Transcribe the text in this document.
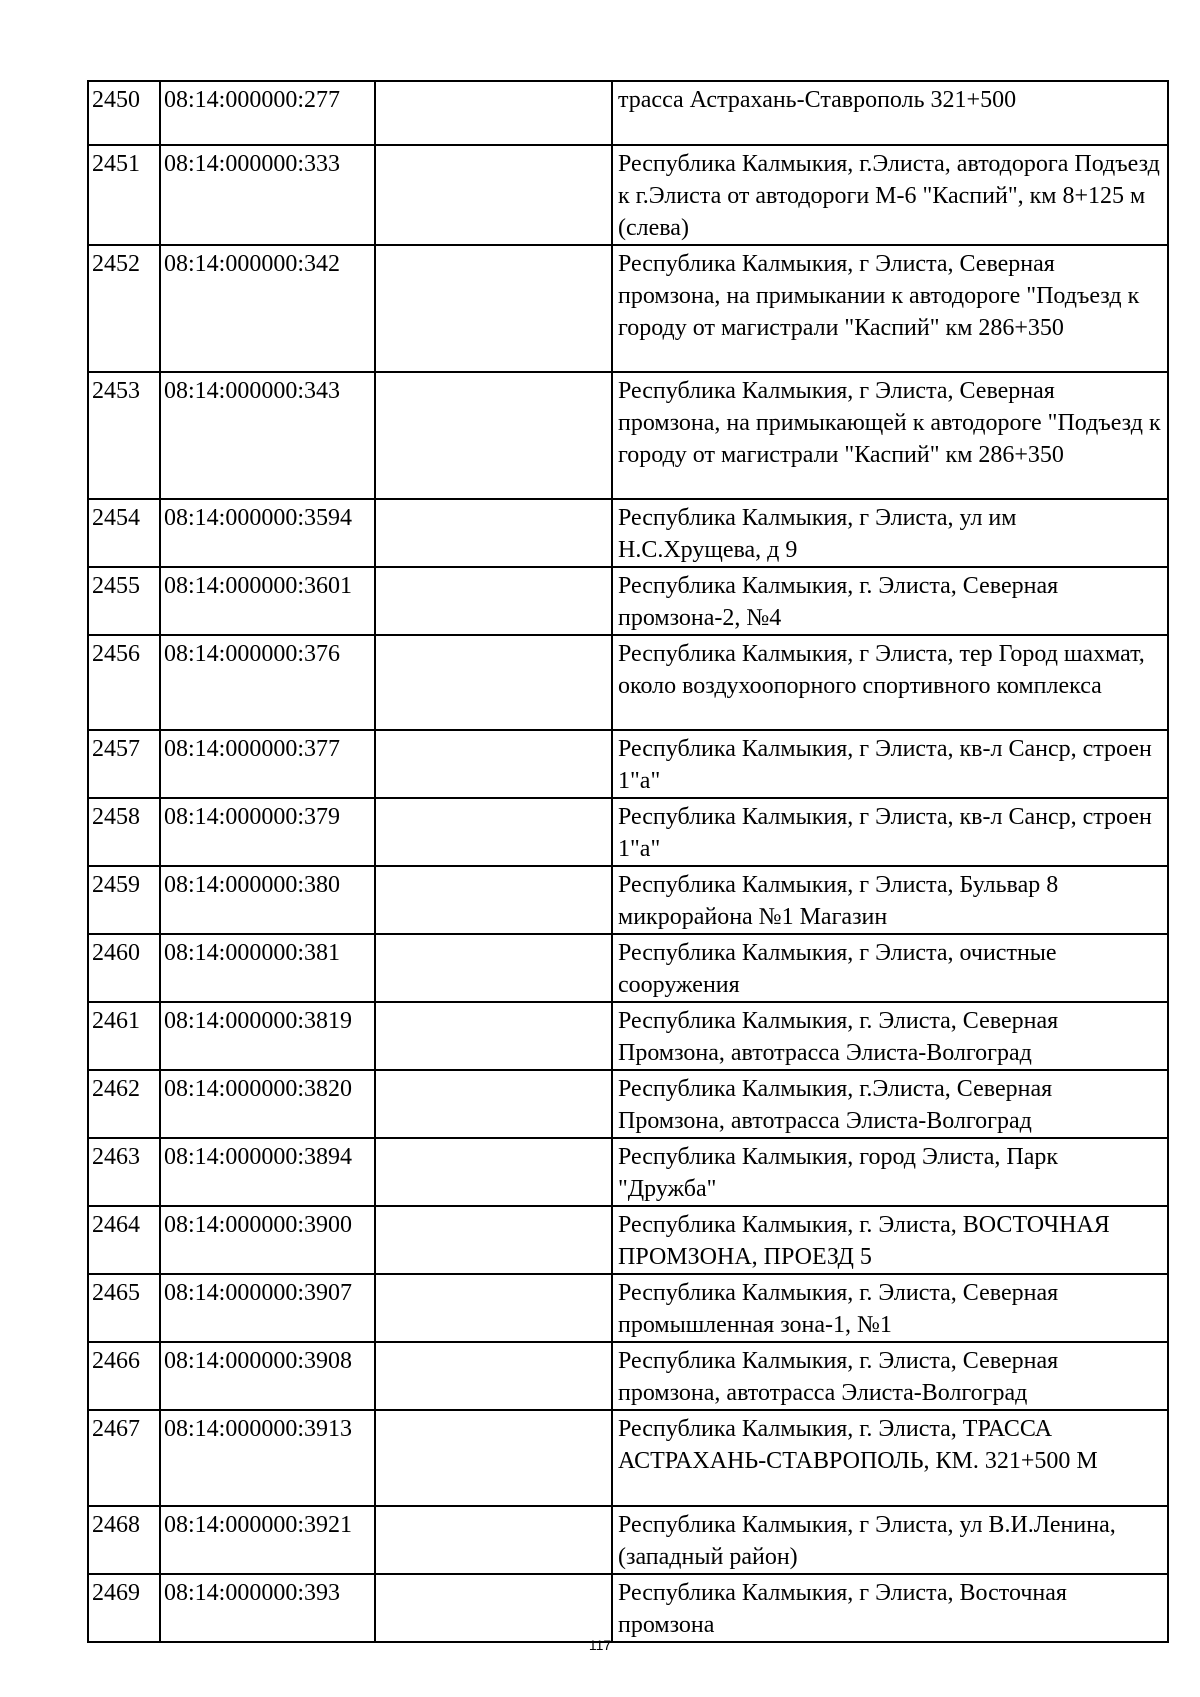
2450	08:14:000000:277		трасса Астрахань-Ставрополь 321+500
2451	08:14:000000:333		Республика Калмыкия, г.Элиста, автодорога Подъезд к г.Элиста от автодороги М-6 "Каспий", км 8+125 м (слева)
2452	08:14:000000:342		Республика Калмыкия, г Элиста, Северная промзона, на примыкании к автодороге "Подъезд к городу от магистрали "Каспий" км 286+350
2453	08:14:000000:343		Республика Калмыкия, г Элиста, Северная промзона, на примыкающей к автодороге "Подъезд к городу от магистрали "Каспий" км 286+350
2454	08:14:000000:3594		Республика Калмыкия, г Элиста, ул им Н.С.Хрущева, д 9
2455	08:14:000000:3601		Республика Калмыкия, г. Элиста, Северная промзона-2, №4
2456	08:14:000000:376		Республика Калмыкия, г Элиста, тер Город шахмат, около воздухоопорного спортивного комплекса
2457	08:14:000000:377		Республика Калмыкия, г Элиста, кв-л Санср, строен 1"а"
2458	08:14:000000:379		Республика Калмыкия, г Элиста, кв-л Санср, строен 1"а"
2459	08:14:000000:380		Республика Калмыкия, г Элиста, Бульвар 8 микрорайона №1 Магазин
2460	08:14:000000:381		Республика Калмыкия, г Элиста, очистные сооружения
2461	08:14:000000:3819		Республика Калмыкия, г. Элиста, Северная Промзона, автотрасса Элиста-Волгоград
2462	08:14:000000:3820		Республика Калмыкия, г.Элиста, Северная Промзона, автотрасса Элиста-Волгоград
2463	08:14:000000:3894		Республика Калмыкия, город Элиста, Парк "Дружба"
2464	08:14:000000:3900		Республика Калмыкия, г. Элиста, ВОСТОЧНАЯ ПРОМЗОНА, ПРОЕЗД 5
2465	08:14:000000:3907		Республика Калмыкия, г. Элиста, Северная промышленная зона-1, №1
2466	08:14:000000:3908		Республика Калмыкия, г. Элиста, Северная промзона, автотрасса Элиста-Волгоград
2467	08:14:000000:3913		Республика Калмыкия, г. Элиста, ТРАССА АСТРАХАНЬ-СТАВРОПОЛЬ, КМ. 321+500 М
2468	08:14:000000:3921		Республика Калмыкия, г Элиста, ул В.И.Ленина, (западный район)
2469	08:14:000000:393		Республика Калмыкия, г Элиста, Восточная промзона
117
